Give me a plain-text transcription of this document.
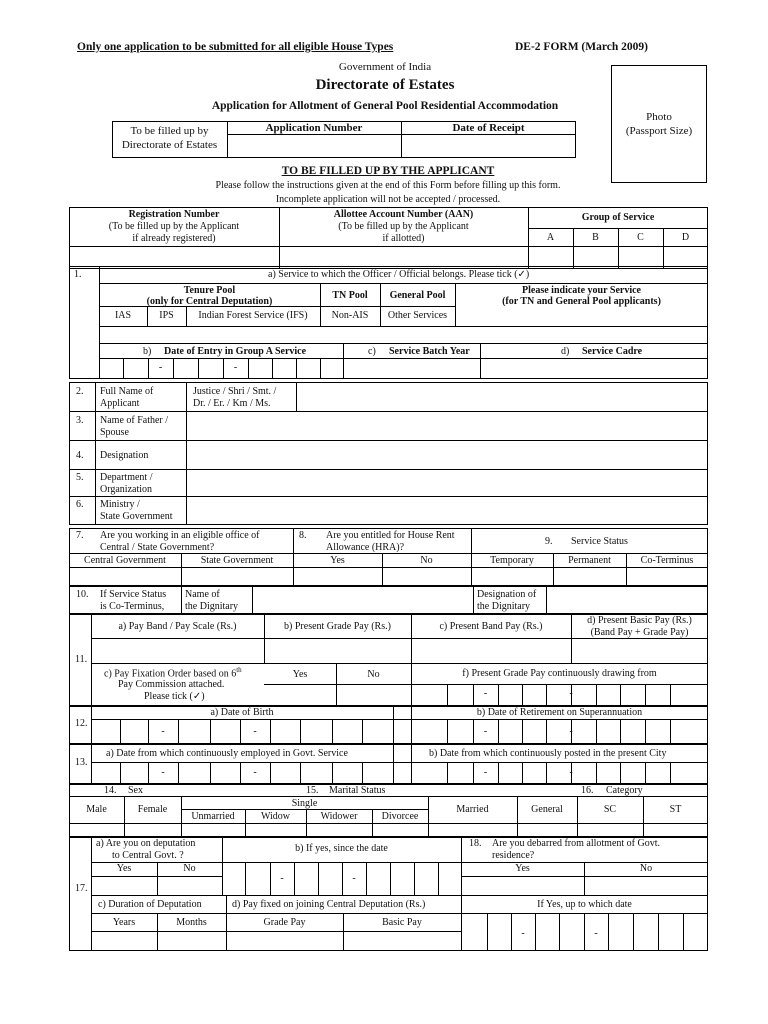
Only one application to be submitted for all eligible House Types	DE-2 FORM (March 2009)
Government of India
Directorate of Estates
Application for Allotment of General Pool Residential Accommodation
Photo
(Passport Size)
To be filled up by
Directorate of Estates
Application Number	Date of Receipt
TO BE FILLED UP BY THE APPLICANT
Please follow the instructions given at the end of this Form before filling up this form.
Incomplete application will not be accepted / processed.
Registration Number
(To be filled up by the Applicant
if already registered)
Allottee Account Number (AAN)
(To be filled up by the Applicant
if allotted)
Group of Service
A	B	C	D
1.	a) Service to which the Officer / Official belongs. Please tick (✓)
Tenure Pool
(only for Central Deputation)
TN Pool	General Pool	Please indicate your Service
(for TN and General Pool applicants)
IAS	IPS	Indian Forest Service (IFS)	Non-AIS	Other Services
b) Date of Entry in Group A Service	c) Service Batch Year	d) Service Cadre
-	-
2. Full Name of
Applicant
Justice / Shri / Smt. /
Dr. / Er. / Km / Ms.
3. Name of Father /
Spouse
4. Designation
5. Department /
Organization
6. Ministry /
State Government
7. Are you working in an eligible office of
Central / State Government?
Central Government	State Government
8. Are you entitled for House Rent
Allowance (HRA)?
Yes	No
9. Service Status
Temporary	Permanent	Co-Terminus
10. If Service Status
is Co-Terminus,
Name of
the Dignitary
Designation of
the Dignitary
11.
a) Pay Band / Pay Scale (Rs.)	b) Present Grade Pay (Rs.)	c) Present Band Pay (Rs.)
d) Present Basic Pay (Rs.)
(Band Pay + Grade Pay)
c) Pay Fixation Order based on 6th
Pay Commission attached.
Please tick (✓)
Yes	No	f) Present Grade Pay continuously drawing from
-	-
12.
a) Date of Birth	b) Date of Retirement on Superannuation
-	-	-	-
13.
a) Date from which continuously employed in Govt. Service	b) Date from which continuously posted in the present City
-	-	-	-
14. Sex	15. Marital Status	16. Category
Male	Female
Single
Unmarried	Widow	Widower	Divorcee
Married	General	SC	ST
17.
a) Are you on deputation
to Central Govt. ?
Yes	No
b) If yes, since the date
-	-
18. Are you debarred from allotment of Govt.
residence?
Yes	No
c) Duration of Deputation	d) Pay fixed on joining Central Deputation (Rs.)	If Yes, up to which date
Years	Months	Grade Pay	Basic Pay
-	-
